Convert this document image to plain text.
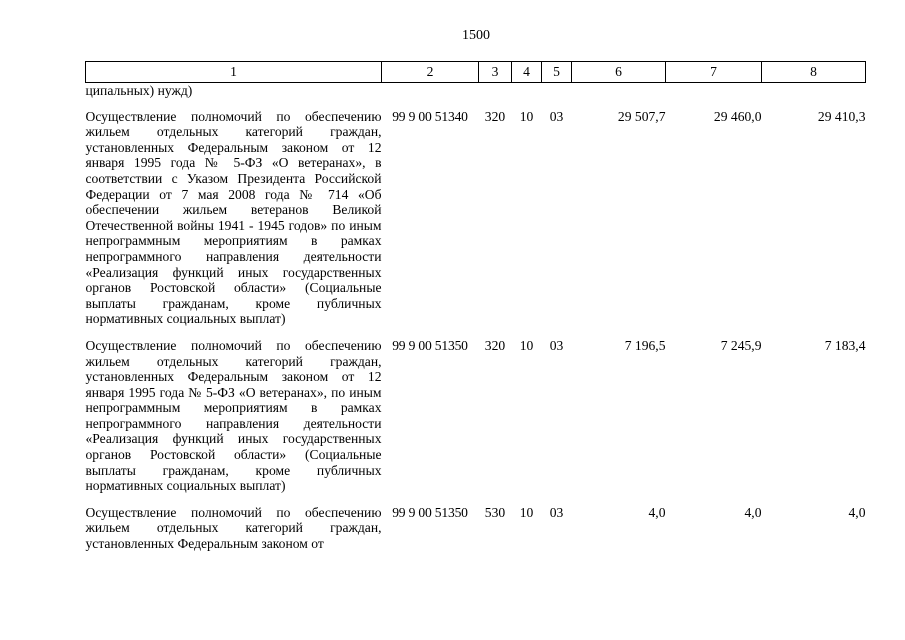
1500
1	2	3	4	5	6	7	8
ципальных) нужд)							

Осуществление полномочий по обеспечению жильем отдельных категорий граждан, установленных Федеральным законом от 12 января 1995 года № 5-ФЗ «О ветеранах», в соответствии с Указом Президента Российской Федерации от 7 мая 2008 года № 714 «Об обеспечении жильем ветеранов Великой Отечественной войны 1941 - 1945 годов» по иным непрограммным мероприятиям в рамках непрограммного направления деятельности «Реализация функций иных государственных органов Ростовской области» (Социальные выплаты гражданам, кроме публичных нормативных социальных выплат)	99 9 00 51340	320	10	03	29 507,7	29 460,0	29 410,3
Осуществление полномочий по обеспечению жильем отдельных категорий граждан, установленных Федеральным законом от 12 января 1995 года № 5-ФЗ «О ветеранах», по иным непрограммным мероприятиям в рамках непрограммного направления деятельности «Реализация функций иных государственных органов Ростовской области» (Социальные выплаты гражданам, кроме публичных нормативных социальных выплат)	99 9 00 51350	320	10	03	7 196,5	7 245,9	7 183,4
Осуществление полномочий по обеспечению жильем отдельных категорий граждан, установленных Федеральным законом от	99 9 00 51350	530	10	03	4,0	4,0	4,0
